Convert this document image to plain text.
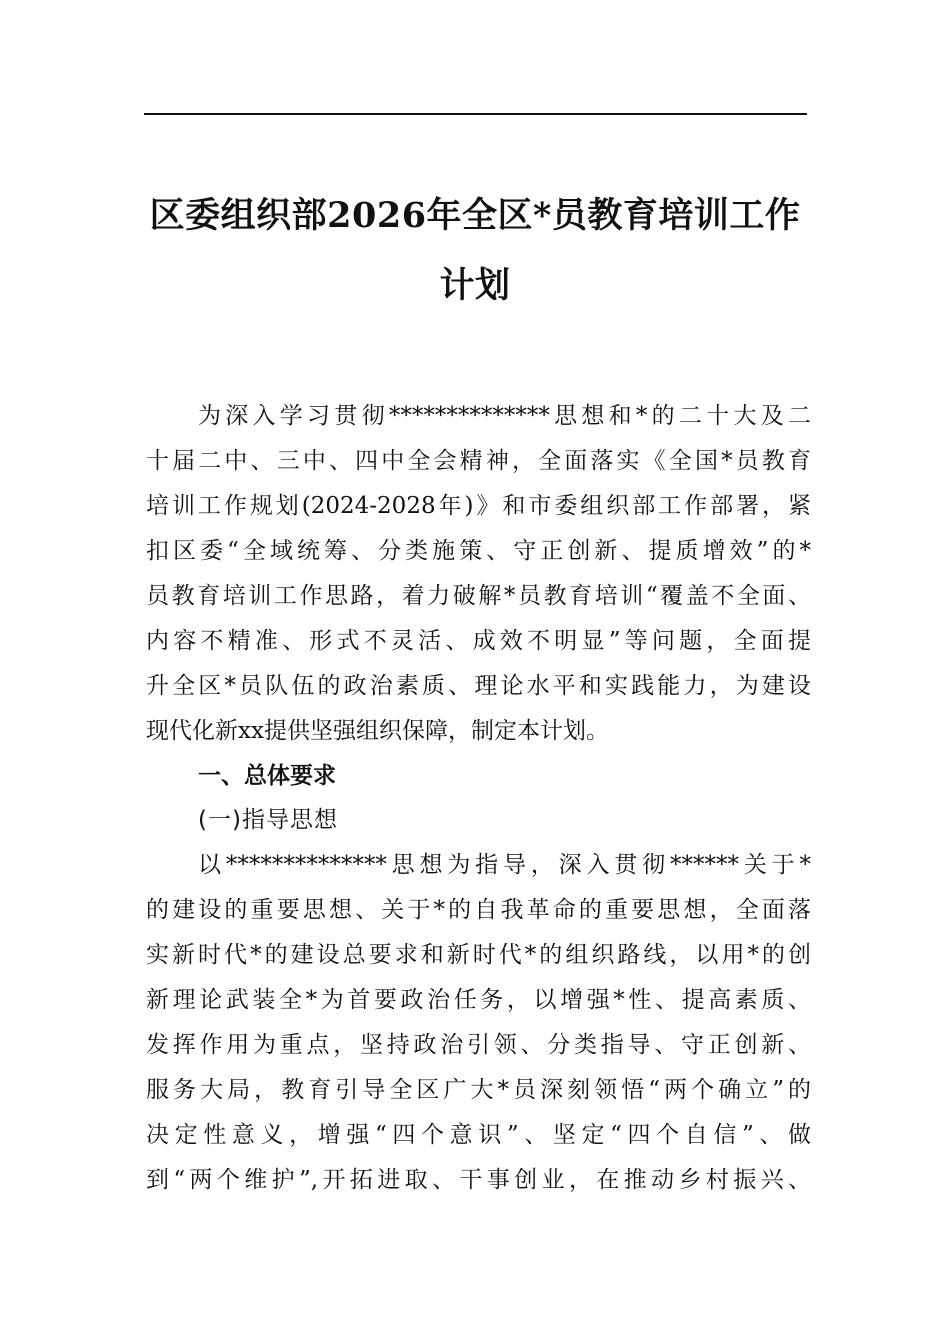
区委组织部2026年全区*员教育培训工作
计划
为深入学习贯彻**************思想和*的二十大及二
十届二中、三中、四中全会精神，全面落实《全国*员教育
培训工作规划(2024-2028年)》和市委组织部工作部署，紧
扣区委“全域统筹、分类施策、守正创新、提质增效”的*
员教育培训工作思路，着力破解*员教育培训“覆盖不全面、
内容不精准、形式不灵活、成效不明显”等问题，全面提
升全区*员队伍的政治素质、理论水平和实践能力，为建设
现代化新xx提供坚强组织保障，制定本计划。
一、总体要求
(一)指导思想
以**************思想为指导，深入贯彻******关于*
的建设的重要思想、关于*的自我革命的重要思想，全面落
实新时代*的建设总要求和新时代*的组织路线，以用*的创
新理论武装全*为首要政治任务，以增强*性、提高素质、
发挥作用为重点，坚持政治引领、分类指导、守正创新、
服务大局，教育引导全区广大*员深刻领悟“两个确立”的
决定性意义，增强“四个意识”、坚定“四个自信”、做
到“两个维护”,开拓进取、干事创业，在推动乡村振兴、
